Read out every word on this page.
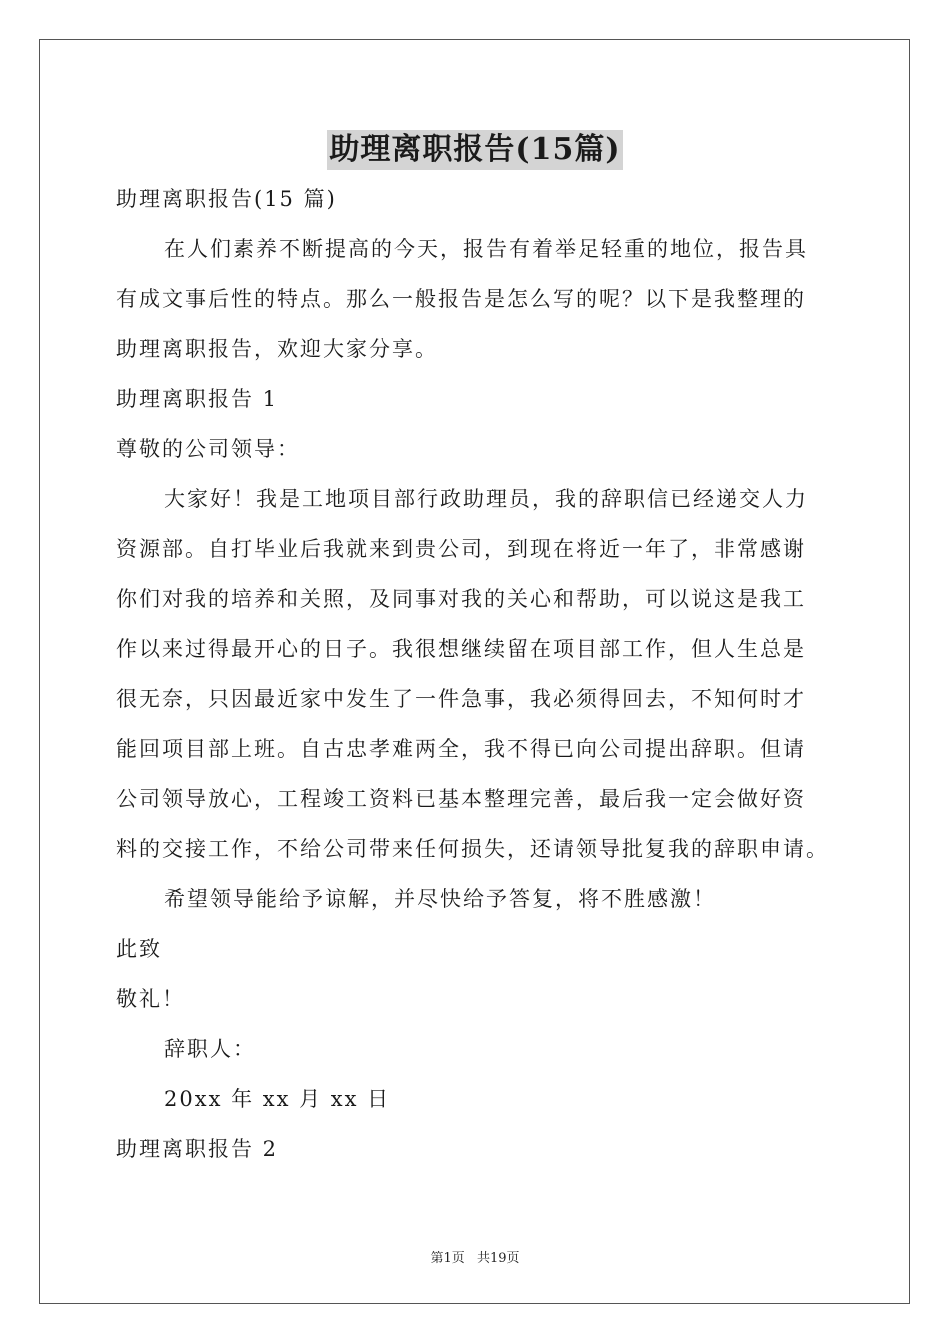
助理离职报告(15篇)

助理离职报告(15 篇)

在人们素养不断提高的今天，报告有着举足轻重的地位，报告具

有成文事后性的特点。那么一般报告是怎么写的呢？以下是我整理的

助理离职报告，欢迎大家分享。

助理离职报告 1

尊敬的公司领导：

大家好！我是工地项目部行政助理员，我的辞职信已经递交人力

资源部。自打毕业后我就来到贵公司，到现在将近一年了，非常感谢

你们对我的培养和关照，及同事对我的关心和帮助，可以说这是我工

作以来过得最开心的日子。我很想继续留在项目部工作，但人生总是

很无奈，只因最近家中发生了一件急事，我必须得回去，不知何时才

能回项目部上班。自古忠孝难两全，我不得已向公司提出辞职。但请

公司领导放心，工程竣工资料已基本整理完善，最后我一定会做好资

料的交接工作，不给公司带来任何损失，还请领导批复我的辞职申请。

希望领导能给予谅解，并尽快给予答复，将不胜感激！

此致

敬礼！

辞职人：

20xx 年 xx 月 xx 日

助理离职报告 2

第1页 共19页
